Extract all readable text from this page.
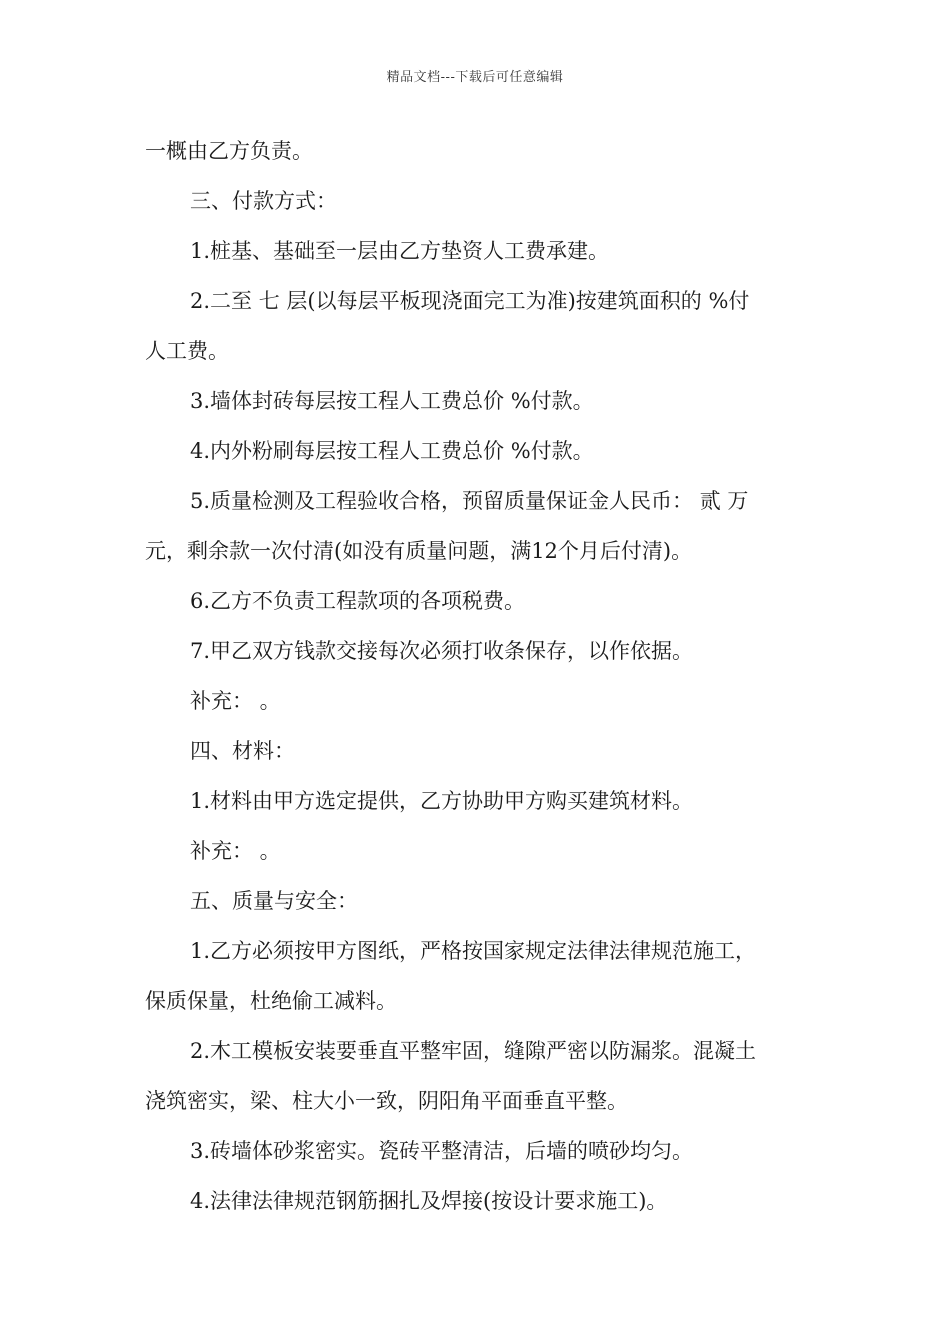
精品文档---下载后可任意编辑
一概由乙方负责。
三、付款方式：
1.桩基、基础至一层由乙方垫资人工费承建。
2.二至 七 层(以每层平板现浇面完工为准)按建筑面积的 %付
人工费。
3.墙体封砖每层按工程人工费总价 %付款。
4.内外粉刷每层按工程人工费总价 %付款。
5.质量检测及工程验收合格，预留质量保证金人民币： 贰 万
元，剩余款一次付清(如没有质量问题，满12个月后付清)。
6.乙方不负责工程款项的各项税费。
7.甲乙双方钱款交接每次必须打收条保存，以作依据。
补充： 。
四、材料：
1.材料由甲方选定提供，乙方协助甲方购买建筑材料。
补充： 。
五、质量与安全：
1.乙方必须按甲方图纸，严格按国家规定法律法律规范施工，
保质保量，杜绝偷工减料。
2.木工模板安装要垂直平整牢固，缝隙严密以防漏浆。混凝土
浇筑密实，梁、柱大小一致，阴阳角平面垂直平整。
3.砖墙体砂浆密实。瓷砖平整清洁，后墙的喷砂均匀。
4.法律法律规范钢筋捆扎及焊接(按设计要求施工)。
